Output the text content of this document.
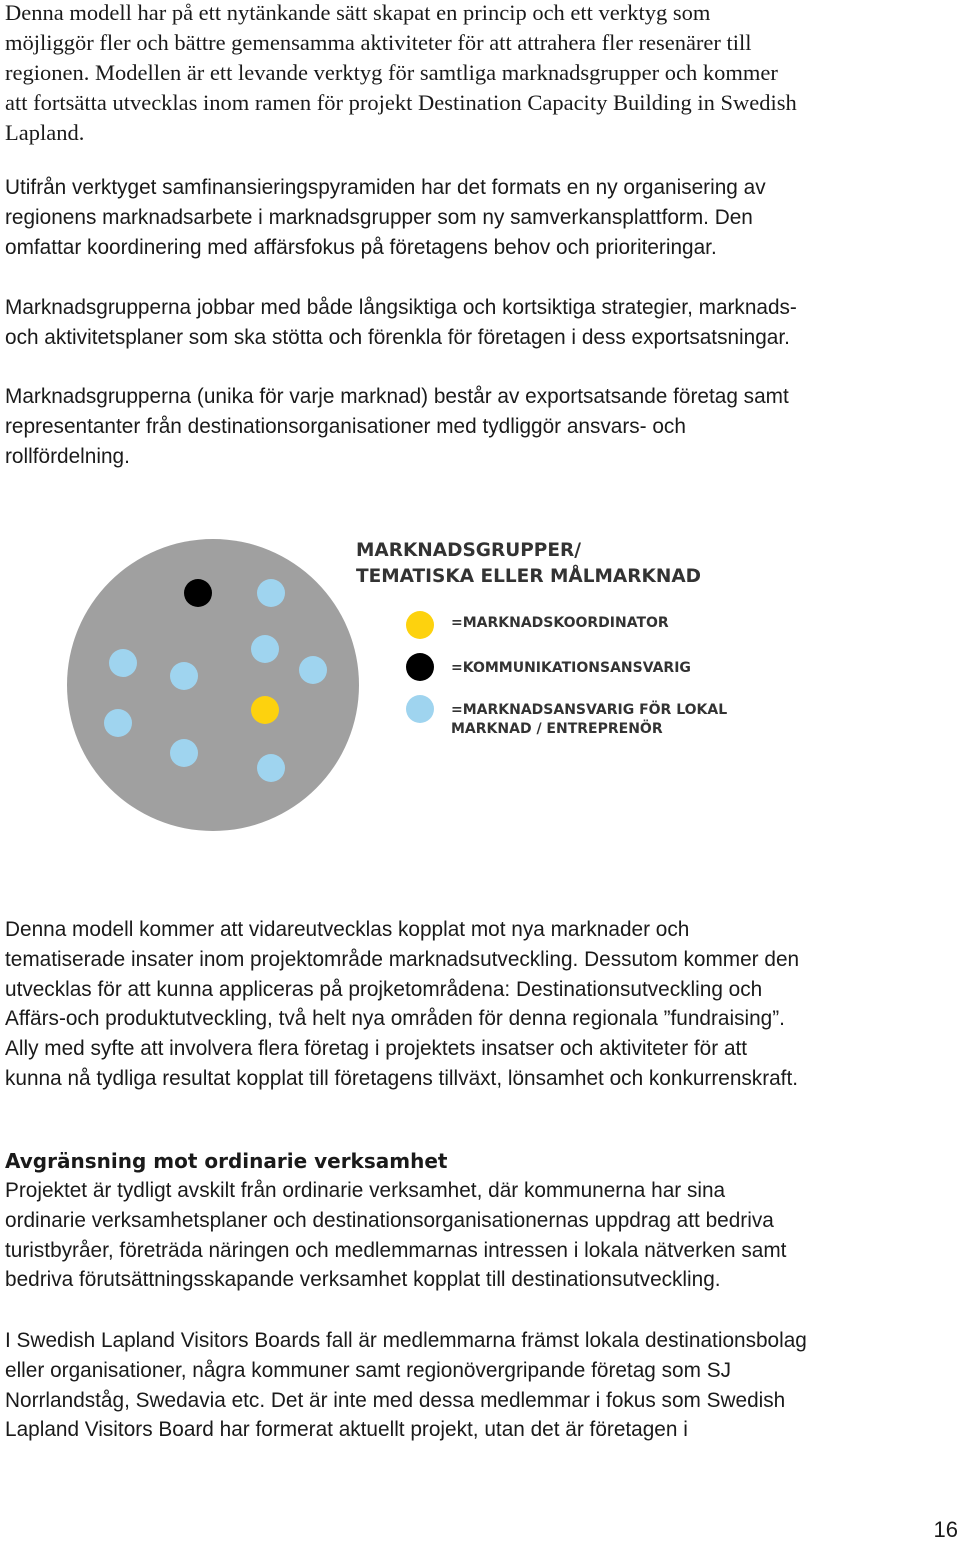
Denna modell har på ett nytänkande sätt skapat en princip och ett verktyg som
möjliggör fler och bättre gemensamma aktiviteter för att attrahera fler resenärer till
regionen. Modellen är ett levande verktyg för samtliga marknadsgrupper och kommer
att fortsätta utvecklas inom ramen för projekt Destination Capacity Building in Swedish
Lapland.
Utifrån verktyget samfinansieringspyramiden har det formats en ny organisering av
regionens marknadsarbete i marknadsgrupper som ny samverkansplattform. Den
omfattar koordinering med affärsfokus på företagens behov och prioriteringar.
Marknadsgrupperna jobbar med både långsiktiga och kortsiktiga strategier, marknads-
och aktivitetsplaner som ska stötta och förenkla för företagen i dess exportsatsningar.
Marknadsgrupperna (unika för varje marknad) består av exportsatsande företag samt
representanter från destinationsorganisationer med tydliggör ansvars- och
rollfördelning.
MARKNADSGRUPPER/
TEMATISKA ELLER MÅLMARKNAD
=MARKNADSKOORDINATOR
=KOMMUNIKATIONSANSVARIG
=MARKNADSANSVARIG FÖR LOKAL
MARKNAD / ENTREPRENÖR
Denna modell kommer att vidareutvecklas kopplat mot nya marknader och
tematiserade insater inom projektområde marknadsutveckling. Dessutom kommer den
utvecklas för att kunna appliceras på projketområdena: Destinationsutveckling och
Affärs-och produktutveckling, två helt nya områden för denna regionala ”fundraising”.
Ally med syfte att involvera flera företag i projektets insatser och aktiviteter för att
kunna nå tydliga resultat kopplat till företagens tillväxt, lönsamhet och konkurrenskraft.
Avgränsning mot ordinarie verksamhet
Projektet är tydligt avskilt från ordinarie verksamhet, där kommunerna har sina
ordinarie verksamhetsplaner och destinationsorganisationernas uppdrag att bedriva
turistbyråer, företräda näringen och medlemmarnas intressen i lokala nätverken samt
bedriva förutsättningsskapande verksamhet kopplat till destinationsutveckling.
I Swedish Lapland Visitors Boards fall är medlemmarna främst lokala destinationsbolag
eller organisationer, några kommuner samt regionövergripande företag som SJ
Norrlandståg, Swedavia etc. Det är inte med dessa medlemmar i fokus som Swedish
Lapland Visitors Board har formerat aktuellt projekt, utan det är företagen i
16
